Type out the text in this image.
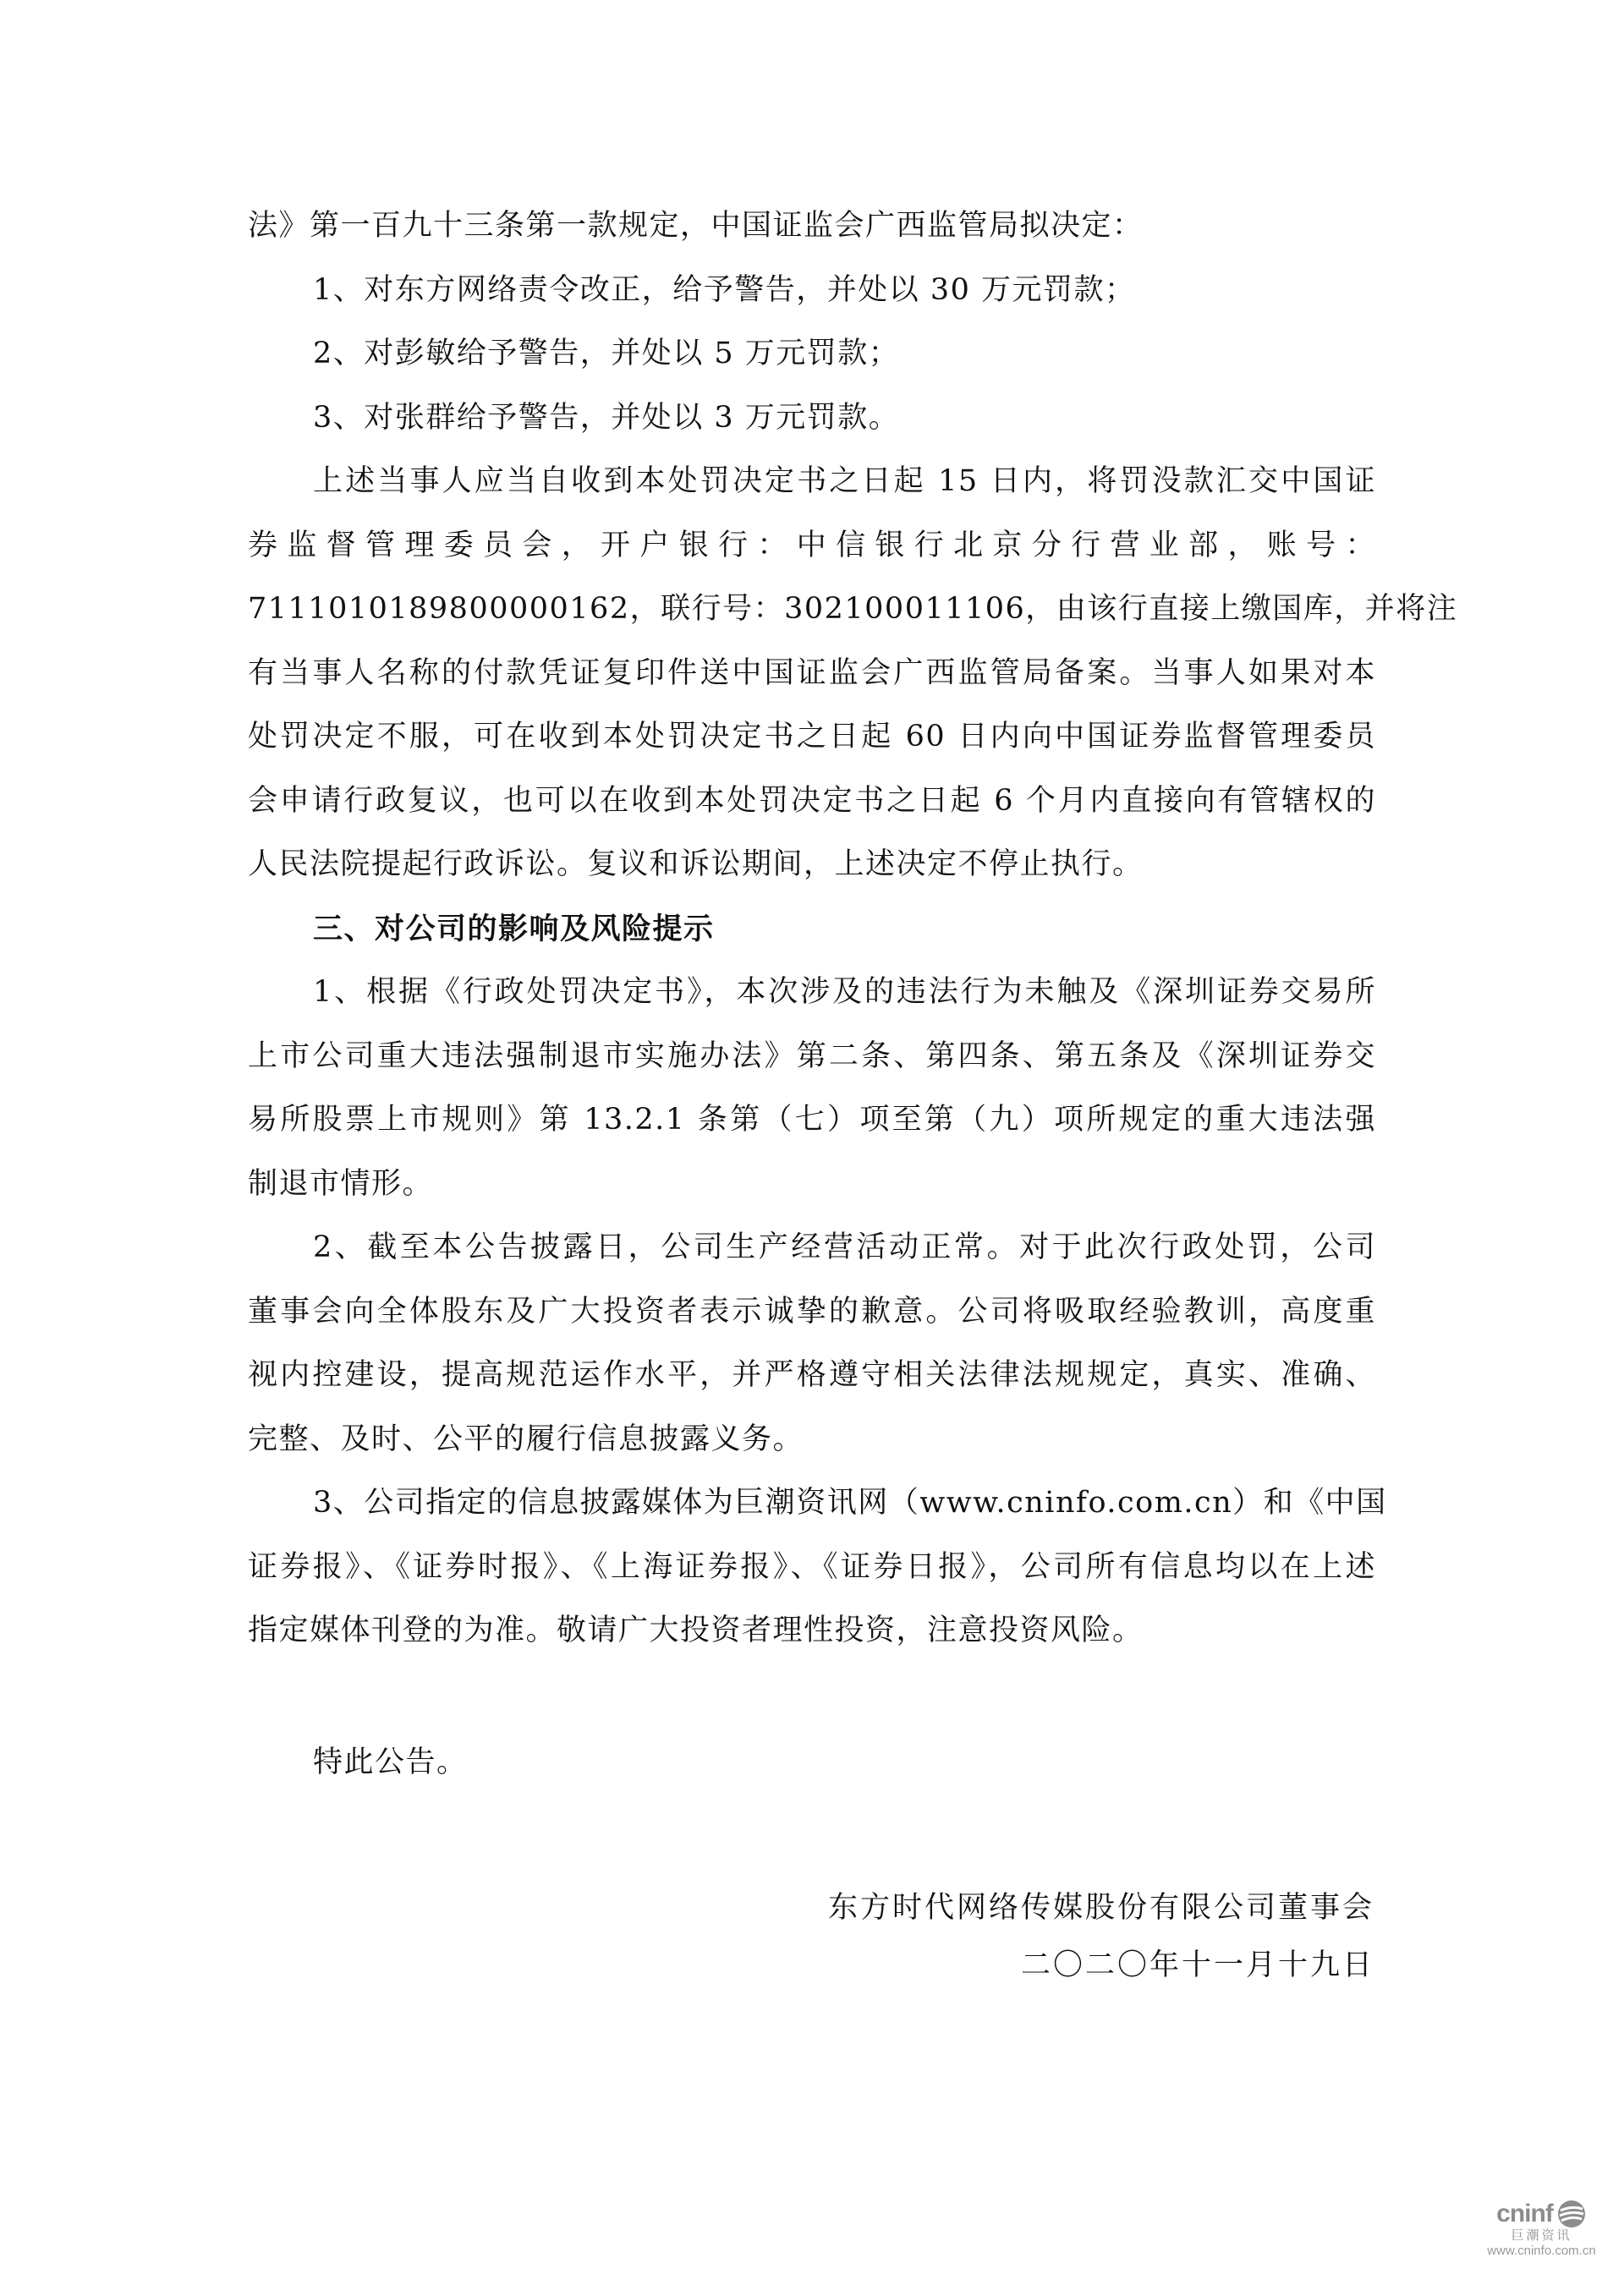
法》第一百九十三条第一款规定，中国证监会广西监管局拟决定：
1、对东方网络责令改正，给予警告，并处以 30 万元罚款；
2、对彭敏给予警告，并处以 5 万元罚款；
3、对张群给予警告，并处以 3 万元罚款。
上述当事人应当自收到本处罚决定书之日起 15 日内，将罚没款汇交中国证
券监督管理委员会，开户银行：中信银行北京分行营业部，账号：
7111010189800000162，联行号：302100011106，由该行直接上缴国库，并将注
有当事人名称的付款凭证复印件送中国证监会广西监管局备案。当事人如果对本
处罚决定不服，可在收到本处罚决定书之日起 60 日内向中国证券监督管理委员
会申请行政复议，也可以在收到本处罚决定书之日起 6 个月内直接向有管辖权的
人民法院提起行政诉讼。复议和诉讼期间，上述决定不停止执行。
三、对公司的影响及风险提示
1、根据《行政处罚决定书》，本次涉及的违法行为未触及《深圳证券交易所
上市公司重大违法强制退市实施办法》第二条、第四条、第五条及《深圳证券交
易所股票上市规则》第 13.2.1 条第（七）项至第（九）项所规定的重大违法强
制退市情形。
2、截至本公告披露日，公司生产经营活动正常。对于此次行政处罚，公司
董事会向全体股东及广大投资者表示诚挚的歉意。公司将吸取经验教训，高度重
视内控建设，提高规范运作水平，并严格遵守相关法律法规规定，真实、准确、
完整、及时、公平的履行信息披露义务。
3、公司指定的信息披露媒体为巨潮资讯网（www.cninfo.com.cn）和《中国
证券报》、《证券时报》、《上海证券报》、《证券日报》，公司所有信息均以在上述
指定媒体刊登的为准。敬请广大投资者理性投资，注意投资风险。
特此公告。
东方时代网络传媒股份有限公司董事会
二〇二〇年十一月十九日
cninf
巨潮资讯
www.cninfo.com.cn
